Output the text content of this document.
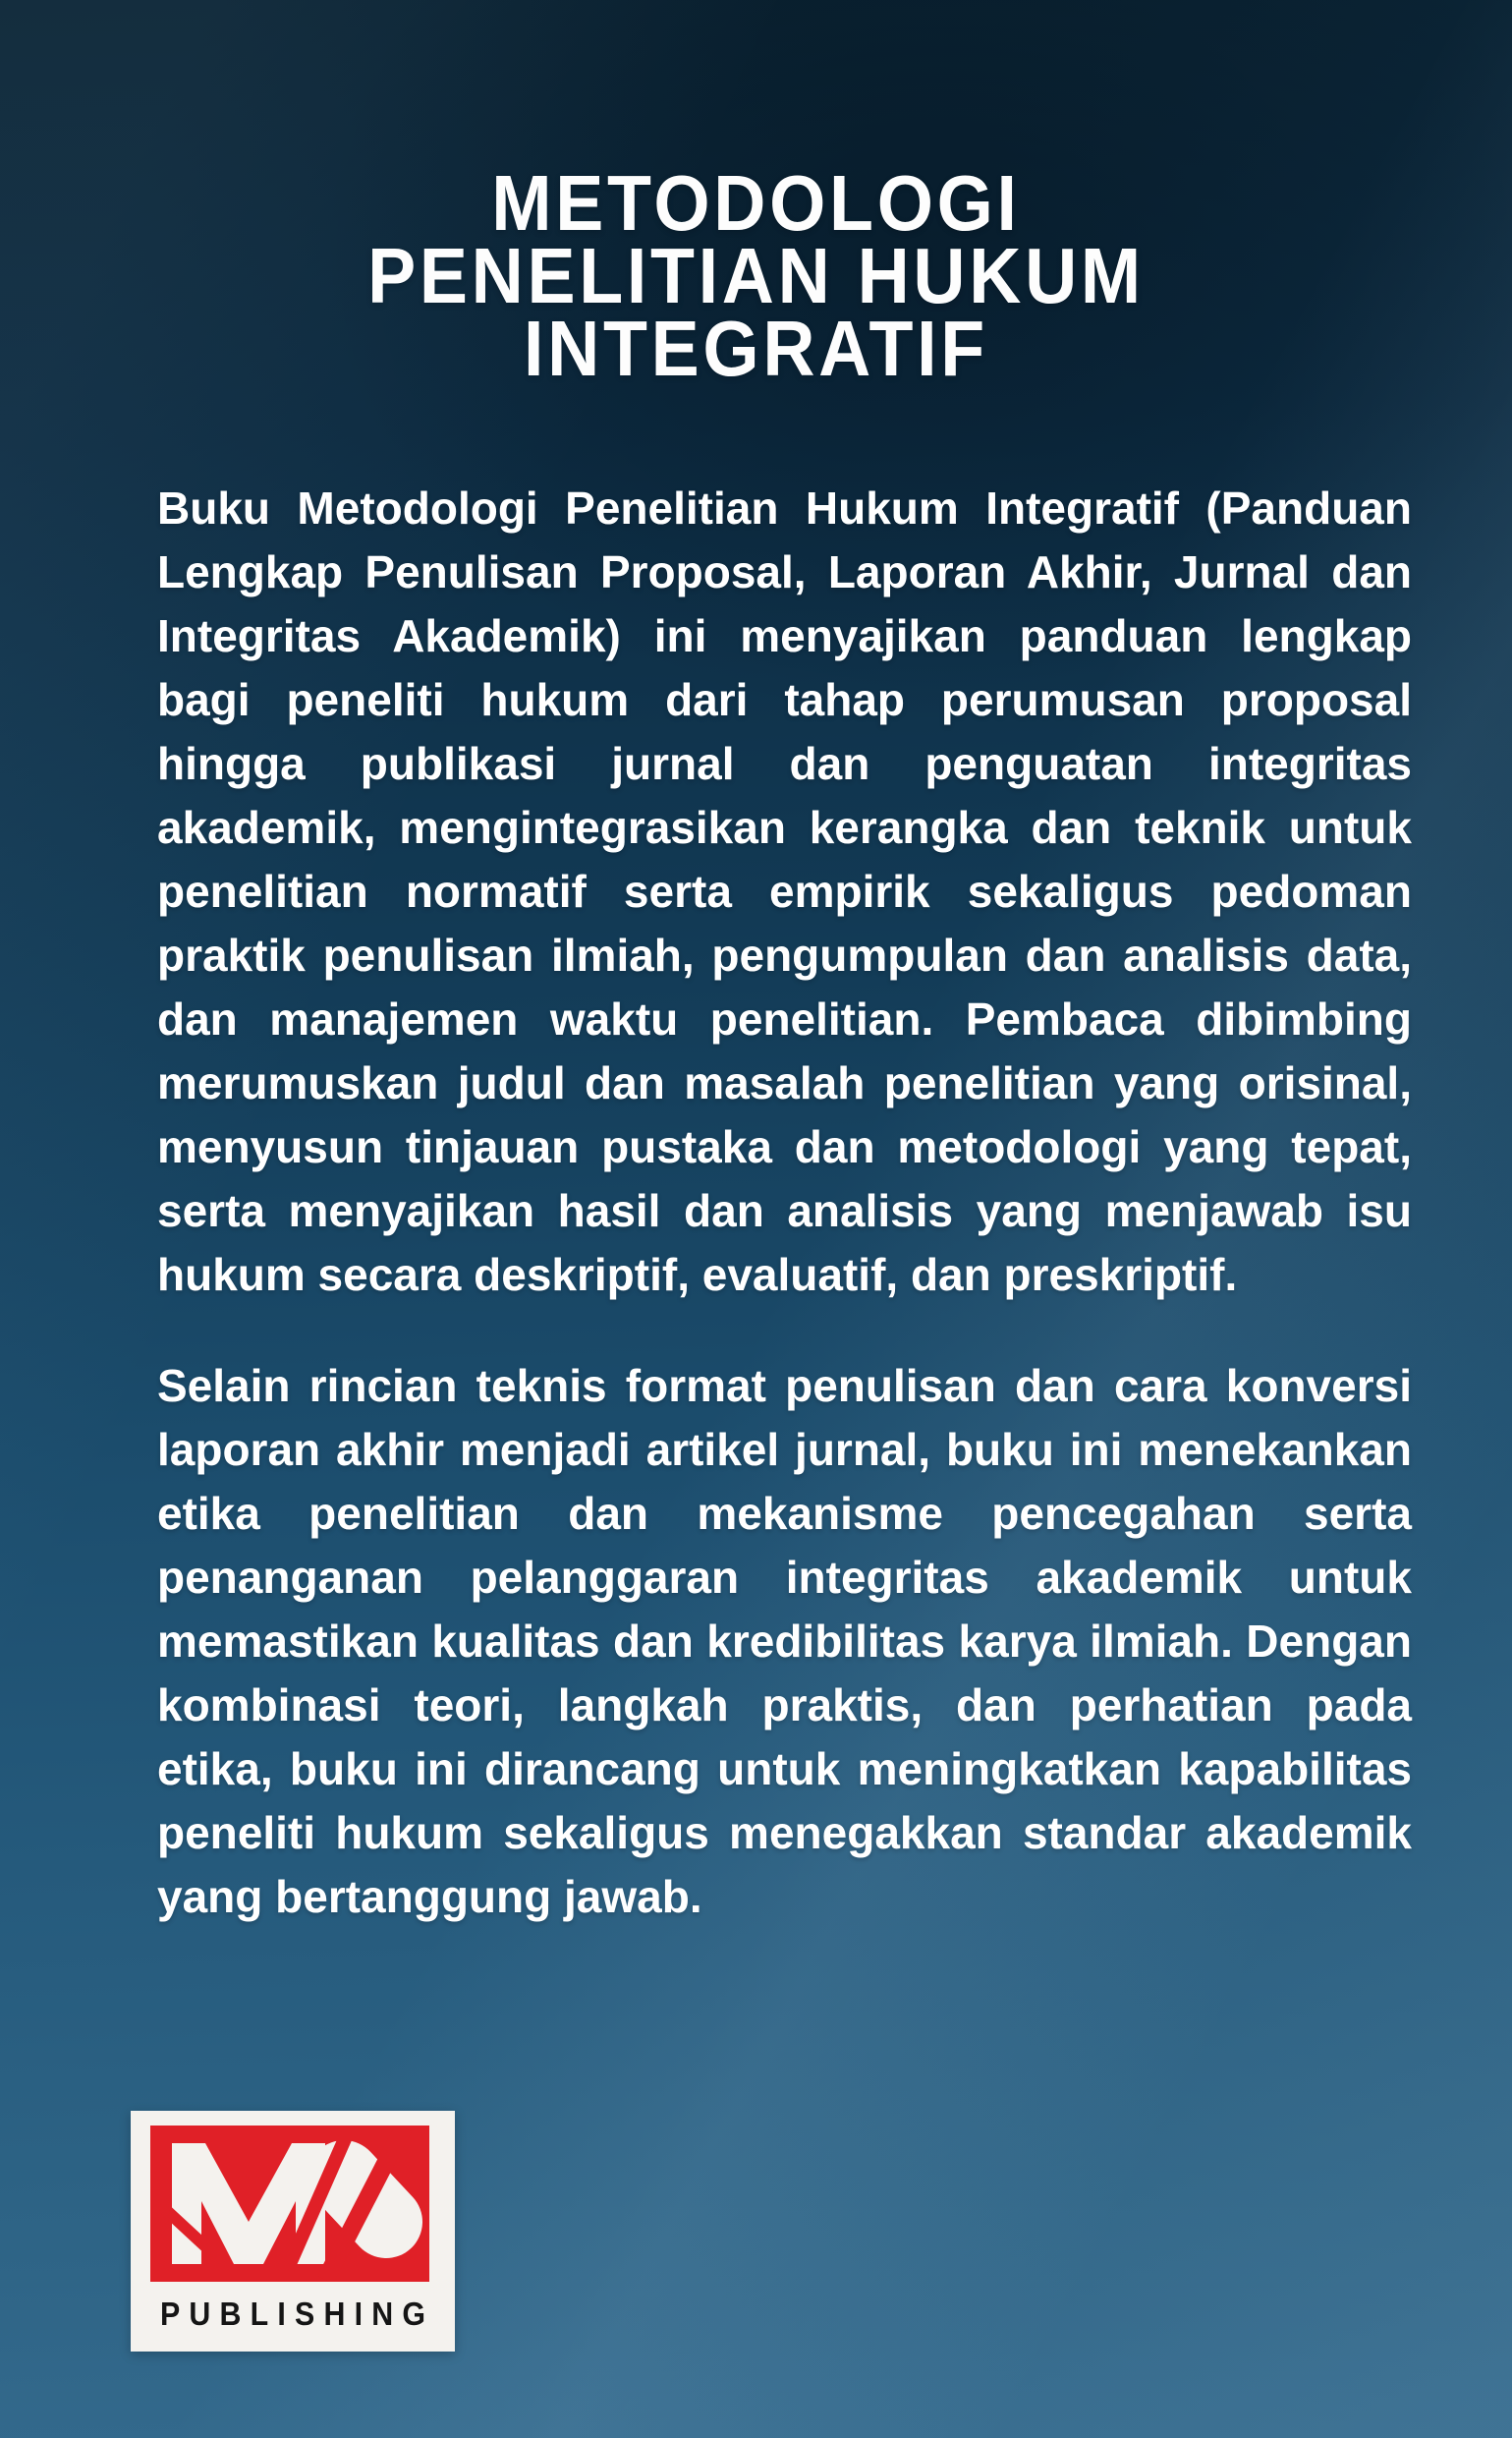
METODOLOGI
PENELITIAN HUKUM
INTEGRATIF

Buku Metodologi Penelitian Hukum Integratif (Panduan Lengkap Penulisan Proposal, Laporan Akhir, Jurnal dan Integritas Akademik) ini menyajikan panduan lengkap bagi peneliti hukum dari tahap perumusan proposal hingga publikasi jurnal dan penguatan integritas akademik, mengintegrasikan kerangka dan teknik untuk penelitian normatif serta empirik sekaligus pedoman praktik penulisan ilmiah, pengumpulan dan analisis data, dan manajemen waktu penelitian. Pembaca dibimbing merumuskan judul dan masalah penelitian yang orisinal, menyusun tinjauan pustaka dan metodologi yang tepat, serta menyajikan hasil dan analisis yang menjawab isu hukum secara deskriptif, evaluatif, dan preskriptif.

Selain rincian teknis format penulisan dan cara konversi laporan akhir menjadi artikel jurnal, buku ini menekankan etika penelitian dan mekanisme pencegahan serta penanganan pelanggaran integritas akademik untuk memastikan kualitas dan kredibilitas karya ilmiah. Dengan kombinasi teori, langkah praktis, dan perhatian pada etika, buku ini dirancang untuk meningkatkan kapabilitas peneliti hukum sekaligus menegakkan standar akademik yang bertanggung jawab.

PUBLISHING
